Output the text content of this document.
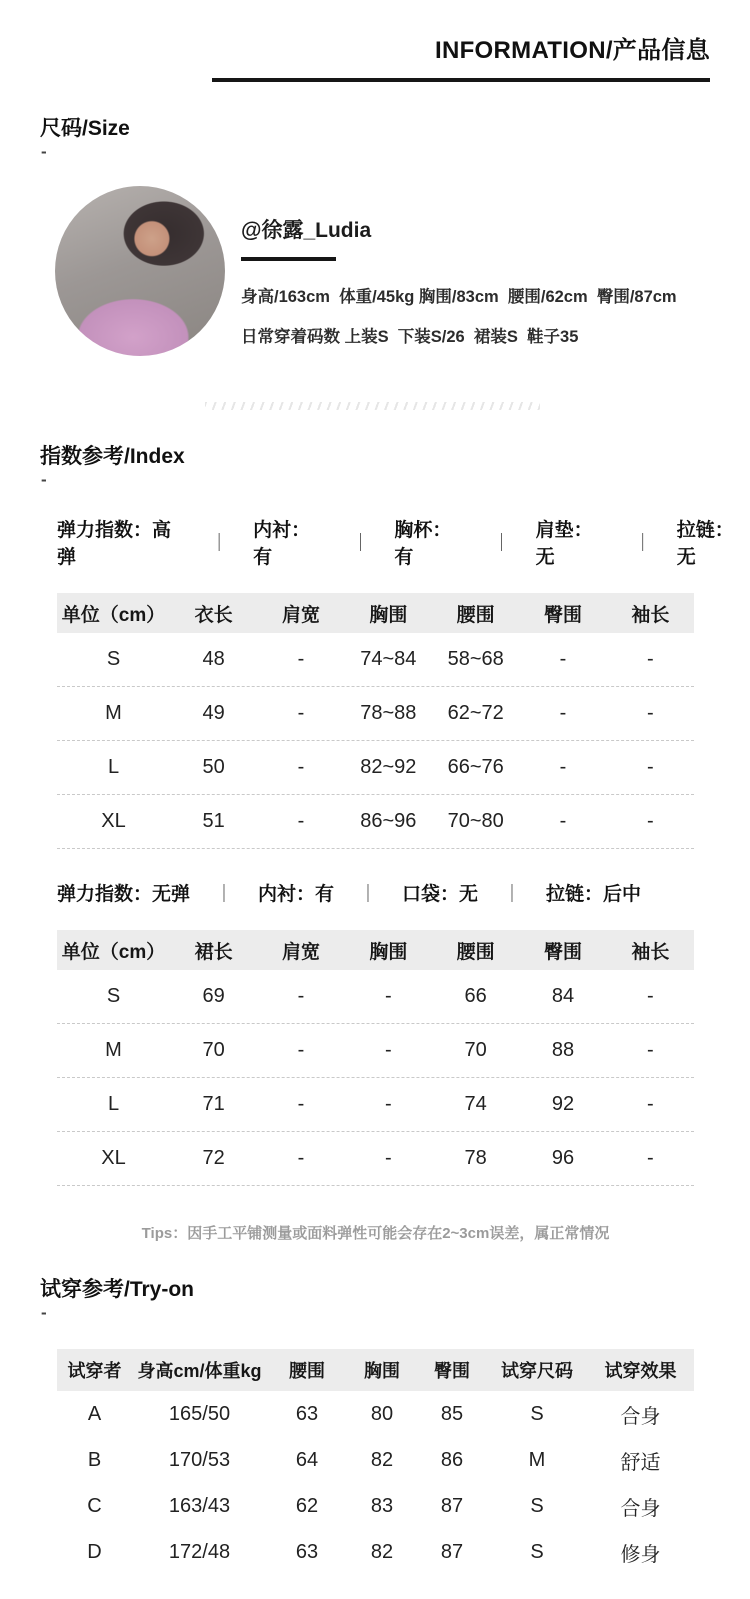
INFORMATION/产品信息
尺码/Size
-
@徐露_Ludia
身高/163cm  体重/45kg 胸围/83cm  腰围/62cm  臀围/87cm
日常穿着码数 上装S  下装S/26  裙装S  鞋子35
指数参考/Index
-
弹力指数：高弹
｜
内衬：有
｜
胸杯：有
｜
肩垫：无
｜
拉链：无
单位（cm）	衣长	肩宽	胸围	腰围	臀围	袖长
S	48	-	74~84	58~68	-	-
M	49	-	78~88	62~72	-	-
L	50	-	82~92	66~76	-	-
XL	51	-	86~96	70~80	-	-
弹力指数：无弹 ｜ 内衬：有 ｜ 口袋：无 ｜ 拉链：后中
单位（cm）	裙长	肩宽	胸围	腰围	臀围	袖长
S	69	-	-	66	84	-
M	70	-	-	70	88	-
L	71	-	-	74	92	-
XL	72	-	-	78	96	-
Tips：因手工平铺测量或面料弹性可能会存在2~3cm误差，属正常情况
试穿参考/Try-on
-
试穿者 身高cm/体重kg	腰围	胸围	臀围	试穿尺码	试穿效果
A	165/50	63	80	85	S	合身
B	170/53	64	82	86	M	舒适
C	163/43	62	83	87	S	合身
D	172/48	63	82	87	S	修身
